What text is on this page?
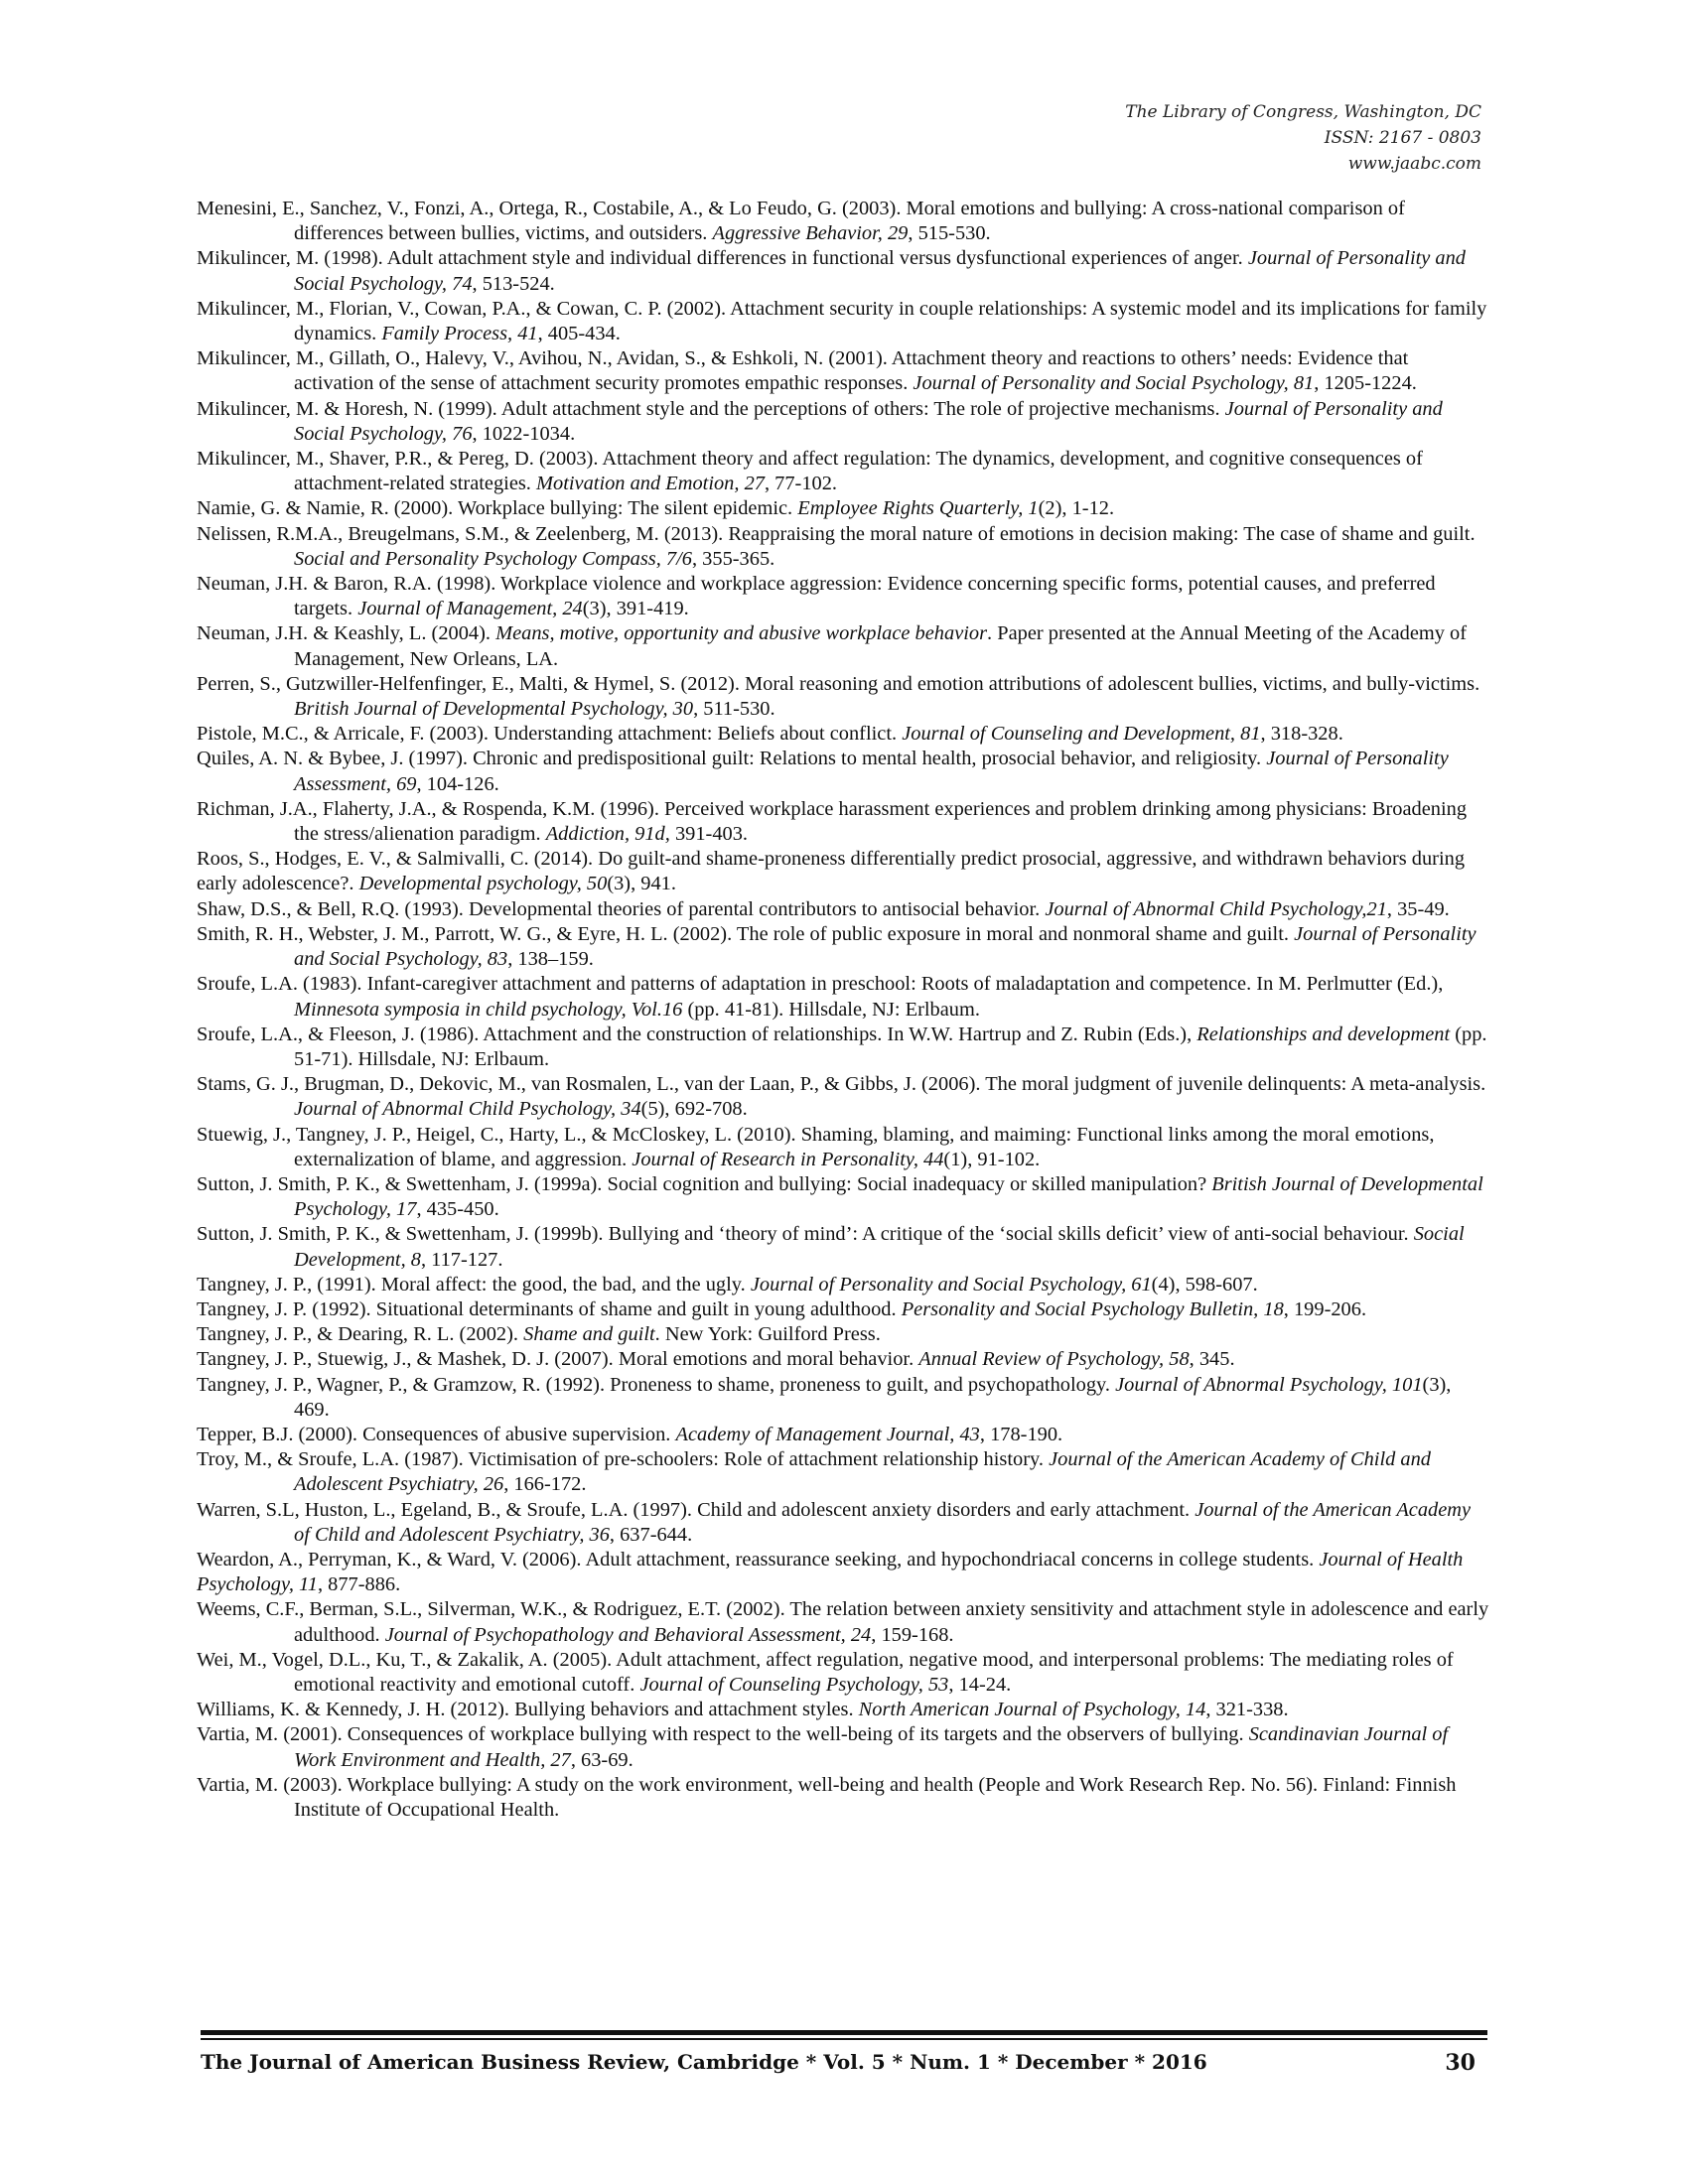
The Library of Congress, Washington, DC
ISSN: 2167 - 0803
www.jaabc.com

Menesini, E., Sanchez, V., Fonzi, A., Ortega, R., Costabile, A., & Lo Feudo, G. (2003). Moral emotions and bullying: A cross-national comparison of differences between bullies, victims, and outsiders. Aggressive Behavior, 29, 515-530.

Mikulincer, M. (1998). Adult attachment style and individual differences in functional versus dysfunctional experiences of anger. Journal of Personality and Social Psychology, 74, 513-524.

Mikulincer, M., Florian, V., Cowan, P.A., & Cowan, C. P. (2002). Attachment security in couple relationships: A systemic model and its implications for family dynamics. Family Process, 41, 405-434.

Mikulincer, M., Gillath, O., Halevy, V., Avihou, N., Avidan, S., & Eshkoli, N. (2001). Attachment theory and reactions to others’ needs: Evidence that activation of the sense of attachment security promotes empathic responses. Journal of Personality and Social Psychology, 81, 1205-1224.

Mikulincer, M. & Horesh, N. (1999). Adult attachment style and the perceptions of others: The role of projective mechanisms. Journal of Personality and Social Psychology, 76, 1022-1034.

Mikulincer, M., Shaver, P.R., & Pereg, D. (2003). Attachment theory and affect regulation: The dynamics, development, and cognitive consequences of attachment-related strategies. Motivation and Emotion, 27, 77-102.

Namie, G. & Namie, R. (2000). Workplace bullying: The silent epidemic. Employee Rights Quarterly, 1(2), 1-12.

Nelissen, R.M.A., Breugelmans, S.M., & Zeelenberg, M. (2013). Reappraising the moral nature of emotions in decision making: The case of shame and guilt. Social and Personality Psychology Compass, 7/6, 355-365.

Neuman, J.H. & Baron, R.A. (1998). Workplace violence and workplace aggression: Evidence concerning specific forms, potential causes, and preferred targets. Journal of Management, 24(3), 391-419.

Neuman, J.H. & Keashly, L. (2004). Means, motive, opportunity and abusive workplace behavior. Paper presented at the Annual Meeting of the Academy of Management, New Orleans, LA.

Perren, S., Gutzwiller-Helfenfinger, E., Malti, & Hymel, S. (2012). Moral reasoning and emotion attributions of adolescent bullies, victims, and bully-victims. British Journal of Developmental Psychology, 30, 511-530.

Pistole, M.C., & Arricale, F. (2003). Understanding attachment: Beliefs about conflict. Journal of Counseling and Development, 81, 318-328.

Quiles, A. N. & Bybee, J. (1997). Chronic and predispositional guilt: Relations to mental health, prosocial behavior, and religiosity. Journal of Personality Assessment, 69, 104-126.

Richman, J.A., Flaherty, J.A., & Rospenda, K.M. (1996). Perceived workplace harassment experiences and problem drinking among physicians: Broadening the stress/alienation paradigm. Addiction, 91d, 391-403.

Roos, S., Hodges, E. V., & Salmivalli, C. (2014). Do guilt-and shame-proneness differentially predict prosocial, aggressive, and withdrawn behaviors during early adolescence?. Developmental psychology, 50(3), 941.

Shaw, D.S., & Bell, R.Q. (1993). Developmental theories of parental contributors to antisocial behavior. Journal of Abnormal Child Psychology,21, 35-49.

Smith, R. H., Webster, J. M., Parrott, W. G., & Eyre, H. L. (2002). The role of public exposure in moral and nonmoral shame and guilt. Journal of Personality and Social Psychology, 83, 138–159.

Sroufe, L.A. (1983). Infant-caregiver attachment and patterns of adaptation in preschool: Roots of maladaptation and competence. In M. Perlmutter (Ed.), Minnesota symposia in child psychology, Vol.16 (pp. 41-81). Hillsdale, NJ: Erlbaum.

Sroufe, L.A., & Fleeson, J. (1986). Attachment and the construction of relationships. In W.W. Hartrup and Z. Rubin (Eds.), Relationships and development (pp. 51-71). Hillsdale, NJ: Erlbaum.

Stams, G. J., Brugman, D., Dekovic, M., van Rosmalen, L., van der Laan, P., & Gibbs, J. (2006). The moral judgment of juvenile delinquents: A meta-analysis. Journal of Abnormal Child Psychology, 34(5), 692-708.

Stuewig, J., Tangney, J. P., Heigel, C., Harty, L., & McCloskey, L. (2010). Shaming, blaming, and maiming: Functional links among the moral emotions, externalization of blame, and aggression. Journal of Research in Personality, 44(1), 91-102.

Sutton, J. Smith, P. K., & Swettenham, J. (1999a). Social cognition and bullying: Social inadequacy or skilled manipulation? British Journal of Developmental Psychology, 17, 435-450.

Sutton, J. Smith, P. K., & Swettenham, J. (1999b). Bullying and ‘theory of mind’: A critique of the ‘social skills deficit’ view of anti-social behaviour. Social Development, 8, 117-127.

Tangney, J. P., (1991). Moral affect: the good, the bad, and the ugly. Journal of Personality and Social Psychology, 61(4), 598-607.

Tangney, J. P. (1992). Situational determinants of shame and guilt in young adulthood. Personality and Social Psychology Bulletin, 18, 199-206.

Tangney, J. P., & Dearing, R. L. (2002). Shame and guilt. New York: Guilford Press.

Tangney, J. P., Stuewig, J., & Mashek, D. J. (2007). Moral emotions and moral behavior. Annual Review of Psychology, 58, 345.

Tangney, J. P., Wagner, P., & Gramzow, R. (1992). Proneness to shame, proneness to guilt, and psychopathology. Journal of Abnormal Psychology, 101(3), 469.

Tepper, B.J. (2000). Consequences of abusive supervision. Academy of Management Journal, 43, 178-190.

Troy, M., & Sroufe, L.A. (1987). Victimisation of pre-schoolers: Role of attachment relationship history. Journal of the American Academy of Child and Adolescent Psychiatry, 26, 166-172.

Warren, S.L, Huston, L., Egeland, B., & Sroufe, L.A. (1997). Child and adolescent anxiety disorders and early attachment. Journal of the American Academy of Child and Adolescent Psychiatry, 36, 637-644.

Weardon, A., Perryman, K., & Ward, V. (2006). Adult attachment, reassurance seeking, and hypochondriacal concerns in college students. Journal of Health Psychology, 11, 877-886.

Weems, C.F., Berman, S.L., Silverman, W.K., & Rodriguez, E.T. (2002). The relation between anxiety sensitivity and attachment style in adolescence and early adulthood. Journal of Psychopathology and Behavioral Assessment, 24, 159-168.

Wei, M., Vogel, D.L., Ku, T., & Zakalik, A. (2005). Adult attachment, affect regulation, negative mood, and interpersonal problems: The mediating roles of emotional reactivity and emotional cutoff. Journal of Counseling Psychology, 53, 14-24.

Williams, K. & Kennedy, J. H. (2012). Bullying behaviors and attachment styles. North American Journal of Psychology, 14, 321-338.

Vartia, M. (2001). Consequences of workplace bullying with respect to the well-being of its targets and the observers of bullying. Scandinavian Journal of Work Environment and Health, 27, 63-69.

Vartia, M. (2003). Workplace bullying: A study on the work environment, well-being and health (People and Work Research Rep. No. 56). Finland: Finnish Institute of Occupational Health.

The Journal of American Business Review, Cambridge * Vol. 5 * Num. 1 * December * 2016	30
